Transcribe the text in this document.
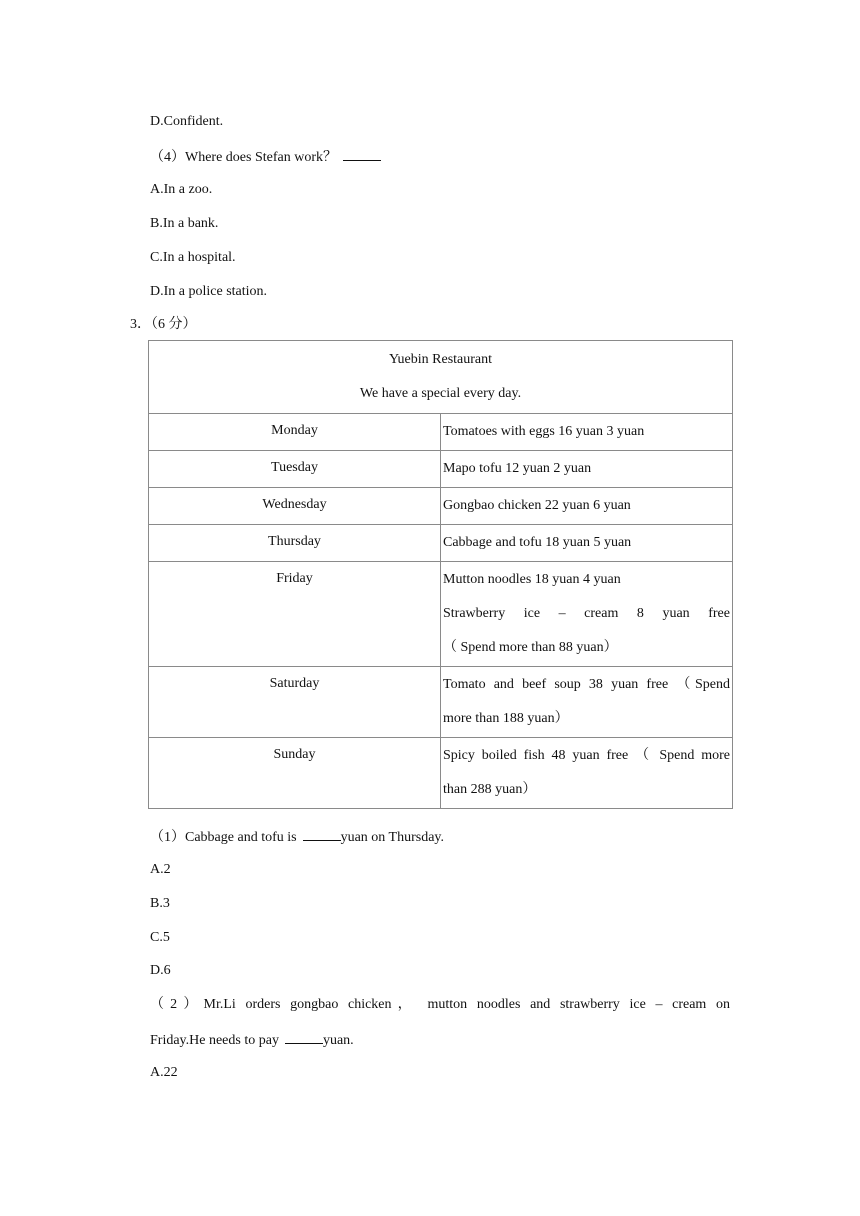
D.Confident.
（4）Where does Stefan work？
A.In a zoo.
B.In a bank.
C.In a hospital.
D.In a police station.
3．（6 分）
Yuebin Restaurant
We have a special every day.	

Monday	Tomatoes with eggs 16 yuan 3 yuan

Tuesday	Mapo tofu 12 yuan 2 yuan

Wednesday	Gongbao chicken 22 yuan 6 yuan

Thursday	Cabbage and tofu 18 yuan 5 yuan

Friday	Mutton noodles 18 yuan 4 yuan
Strawberry ice – cream 8 yuan free
（ Spend more than 88 yuan）

Saturday	Tomato and beef soup 38 yuan free （Spend
more than 188 yuan）

Sunday	Spicy boiled fish 48 yuan free （ Spend more
than 288 yuan）
（1）Cabbage and tofu is	yuan on Thursday.
A.2
B.3
C.5
D.6
（2）Mr.Li orders gongbao chicken， mutton noodles and strawberry ice – cream on
Friday.He needs to pay	yuan.
A.22
